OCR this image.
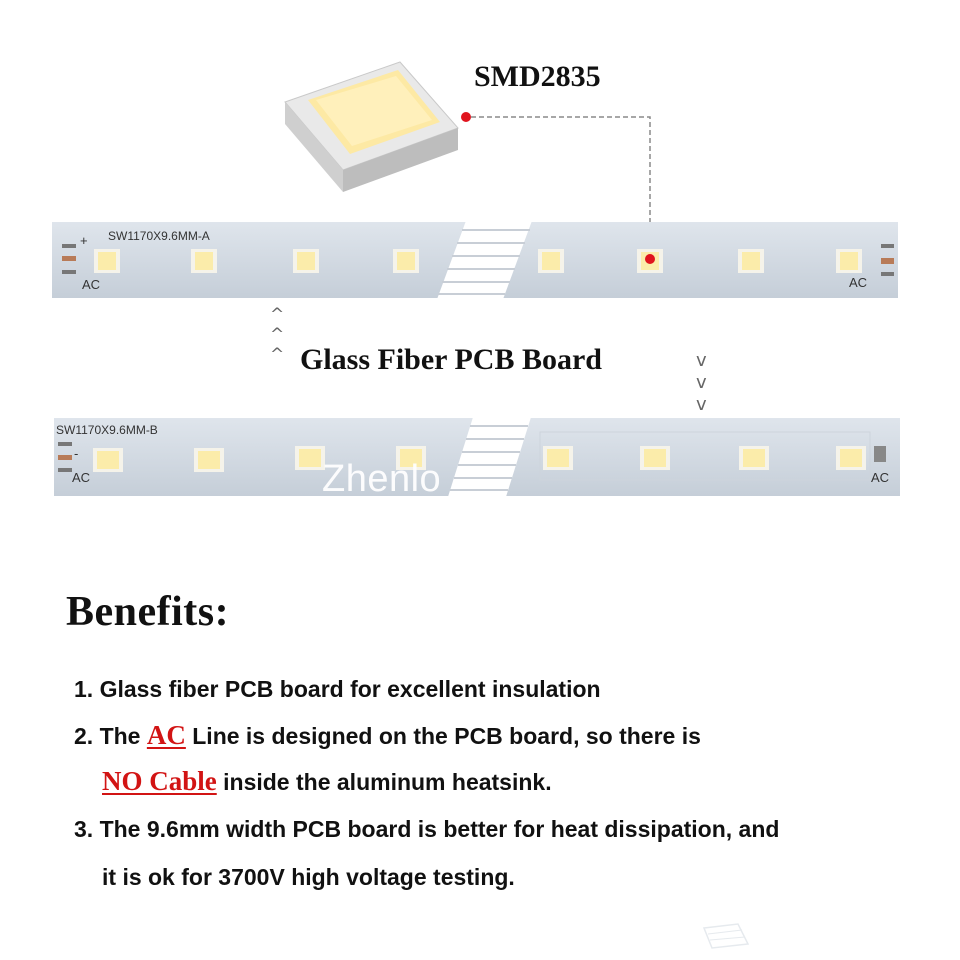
SMD2835
SW1170X9.6MM-A
+
AC	AC
^
^
^ Glass Fiber PCB Board	v
v
v
SW1170X9.6MM-B
-
AC	AC
Zhenlo
Benefits:
1. Glass fiber PCB board for excellent insulation
2. The AC Line is designed on the PCB board, so there is
NO Cable inside the aluminum heatsink.
3. The 9.6mm width PCB board is better for heat dissipation, and
it is ok for 3700V high voltage testing.
